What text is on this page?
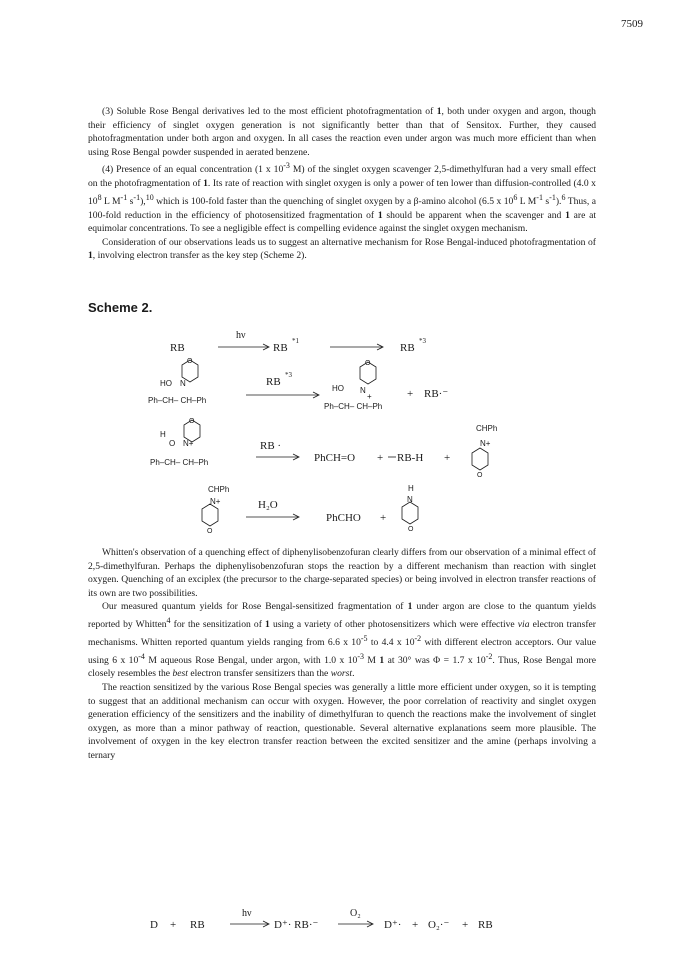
7509

(3) Soluble Rose Bengal derivatives led to the most efficient photofragmentation of 1, both under oxygen and argon, though their efficiency of singlet oxygen generation is not significantly better than that of Sensitox. Further, they caused photofragmentation under both argon and oxygen. In all cases the reaction even under argon was much more efficient than when using Rose Bengal powder suspended in aerated benzene.

(4) Presence of an equal concentration (1 x $10^{-3}$ M) of the singlet oxygen scavenger 2,5-dimethylfuran had a very small effect on the photofragmentation of 1. Its rate of reaction with singlet oxygen is only a power of ten lower than diffusion-controlled (4.0 x $10^8$ L $M^{-1}$ $s^{-1}),^{10}$ which is 100-fold faster than the quenching of singlet oxygen by a β-amino alcohol (6.5 x $10^6$ L $M^{-1}$ $s^{-1}).^6$ Thus, a 100-fold reduction in the efficiency of photosensitized fragmentation of 1 should be apparent when the scavenger and 1 are at equimolar concentrations. To see a negligible effect is compelling evidence against the singlet oxygen mechanism.

Consideration of our observations leads us to suggest an alternative mechanism for Rose Bengal-induced photofragmentation of 1, involving electron transfer as the key step (Scheme 2).

Scheme 2.
RB
hν
RB
*1
RB
*3
O
HO N
Ph–CH– CH–Ph
RB
*3
O
HO N
+
Ph–CH– CH–Ph
+ RB·⁻
O
H
O N+
Ph–CH– CH–Ph
RB ·
PhCH=O + RB-H +
CHPh
N+
O
CHPh
N+
O
H₂O
PhCHO +
H
N
O

Whitten's observation of a quenching effect of diphenylisobenzofuran clearly differs from our observation of a minimal effect of 2,5-dimethylfuran. Perhaps the diphenylisobenzofuran stops the reaction by a different mechanism than reaction with singlet oxygen. Quenching of an exciplex (the precursor to the charge-separated species) or being involved in electron transfer reactions of its own are two possibilities.

Our measured quantum yields for Rose Bengal-sensitized fragmentation of 1 under argon are close to the quantum yields reported by Whitten$^4$ for the sensitization of 1 using a variety of other photosensitizers which were effective via electron transfer mechanisms. Whitten reported quantum yields ranging from 6.6 x $10^{-5}$ to 4.4 x $10^{-2}$ with different electron acceptors. Our value using 6 x $10^{-4}$ M aqueous Rose Bengal, under argon, with 1.0 x $10^{-3}$ M 1 at 30° was Φ = 1.7 x $10^{-2}$. Thus, Rose Bengal more closely resembles the best electron transfer sensitizers than the worst.

The reaction sensitized by the various Rose Bengal species was generally a little more efficient under oxygen, so it is tempting to suggest that an additional mechanism can occur with oxygen. However, the poor correlation of reactivity and singlet oxygen generation efficiency of the sensitizers and the inability of dimethylfuran to quench the reactions make the involvement of singlet oxygen, as more than a minor pathway of reaction, questionable. Several alternative explanations seem more plausible. The involvement of oxygen in the key electron transfer reaction between the excited sensitizer and the amine (perhaps involving a ternary

D + RB
hν
D⁺· RB·⁻
O₂
D⁺· + O₂·⁻ + RB
